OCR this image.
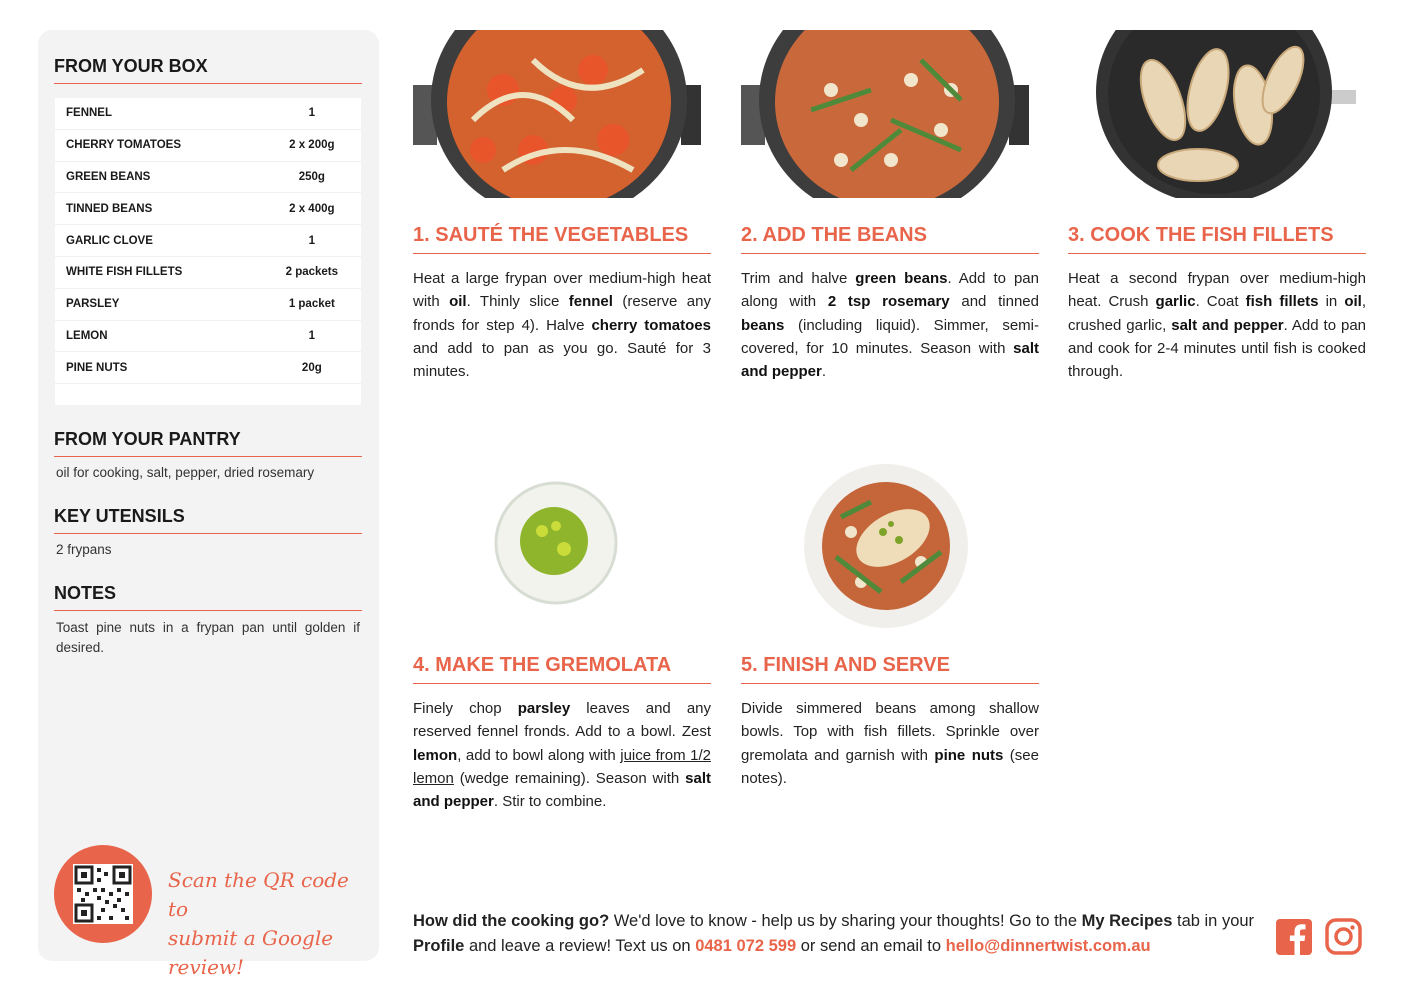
FROM YOUR BOX
FENNEL	1
CHERRY TOMATOES	2 x 200g
GREEN BEANS	250g
TINNED BEANS	2 x 400g
GARLIC CLOVE	1
WHITE FISH FILLETS	2 packets
PARSLEY	1 packet
LEMON	1
PINE NUTS	20g
FROM YOUR PANTRY
oil for cooking, salt, pepper, dried rosemary
KEY UTENSILS
2 frypans
NOTES
Toast pine nuts in a frypan pan until golden if desired.
Scan the QR code to
submit a Google review!
1. SAUTÉ THE VEGETABLES	2. ADD THE BEANS	3. COOK THE FISH FILLETS
4. MAKE THE GREMOLATA	5. FINISH AND SERVE
Heat a large frypan over medium-high heat with oil. Thinly slice fennel (reserve any fronds for step 4). Halve cherry tomatoes and add to pan as you go. Sauté for 3 minutes.
Trim and halve green beans. Add to pan along with 2 tsp rosemary and tinned beans (including liquid). Simmer, semi-covered, for 10 minutes. Season with salt and pepper.
Heat a second frypan over medium-high heat. Crush garlic. Coat fish fillets in oil, crushed garlic, salt and pepper. Add to pan and cook for 2-4 minutes until fish is cooked through.
Finely chop parsley leaves and any reserved fennel fronds. Add to a bowl. Zest lemon, add to bowl along with juice from 1/2 lemon (wedge remaining). Season with salt and pepper. Stir to combine.
Divide simmered beans among shallow bowls. Top with fish fillets. Sprinkle over gremolata and garnish with pine nuts (see notes).
How did the cooking go? We'd love to know - help us by sharing your thoughts! Go to the My Recipes tab in your Profile and leave a review! Text us on 0481 072 599 or send an email to hello@dinnertwist.com.au
